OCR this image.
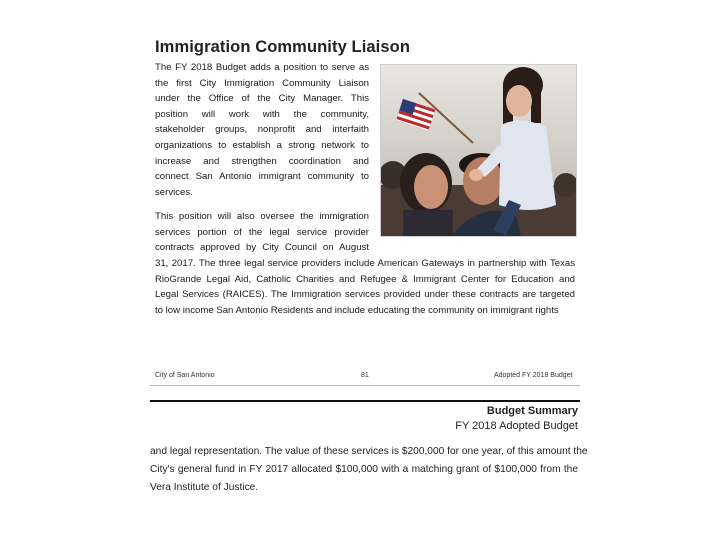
Immigration Community Liaison
The FY 2018 Budget adds a position to serve as
the first City Immigration Community Liaison
under the Office of the City Manager. This
position will work with the community,
stakeholder groups, nonprofit and interfaith
organizations to establish a strong network to
increase and strengthen coordination and
connect San Antonio immigrant community to
services.
This position will also oversee the immigration
services portion of the legal service provider
contracts approved by City Council on August
31, 2017. The three legal service providers include American Gateways in partnership with Texas
RioGrande Legal Aid, Catholic Charities and Refugee & Immigrant Center for Education and
Legal Services (RAICES). The Immigration services provided under these contracts are targeted
to low income San Antonio Residents and include educating the community on immigrant rights
City of San Antonio	81	Adopted FY 2018 Budget
Budget Summary
FY 2018 Adopted Budget
and legal representation. The value of these services is $200,000 for one year, of this amount the
City's general fund in FY 2017 allocated $100,000 with a matching grant of $100,000 from the
Vera Institute of Justice.
